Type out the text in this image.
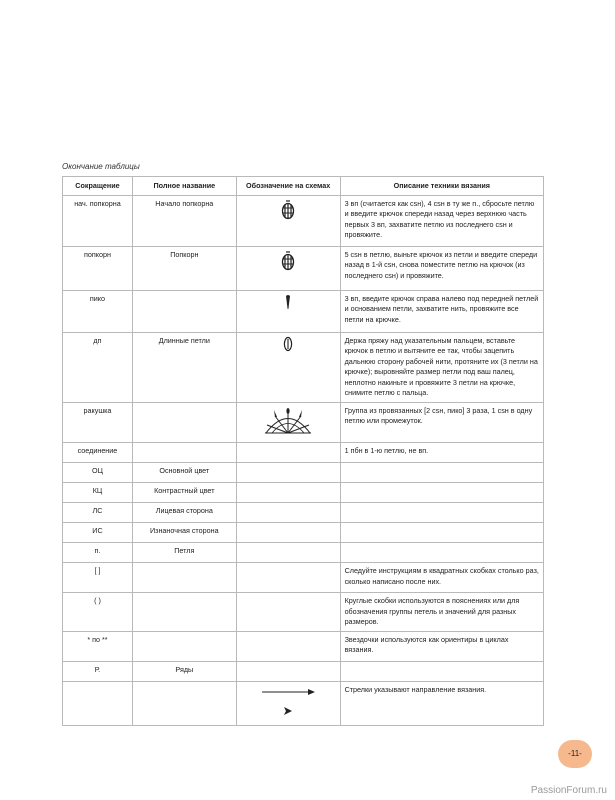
Окончание таблицы
Сокращение	Полное название	Обозначение на схемах	Описание техники вязания
нач. попкорна	Начало попкорна		3 вп (считается как сsн), 4 сsн в ту же п., сбросьте петлю и введите крючок спереди назад через верхнюю часть первых 3 вп, захватите петлю из последнего сsн и провяжите.
попкорн	Попкорн		5 сsн в петлю, выньте крючок из петли и введите спереди назад в 1-й сsн, снова поместите петлю на крючок (из последнего сsн) и провяжите.
пико			3 вп, введите крючок справа налево под передней петлей и основанием петли, захватите нить, провяжите все петли на крючке.
дп	Длинные петли		Держа пряжу над указательным пальцем, вставьте крючок в петлю и вытяните ее так, чтобы зацепить дальнюю сторону рабочей нити, протяните их (3 петли на крючке); выровняйте размер петли под ваш палец, неплотно накиньте и провяжите 3 петли на крючке, снимите петлю с пальца.
ракушка			Группа из провязанных [2 сsн, пико] 3 раза, 1 сsн в одну петлю или промежуток.
соединение			1 пбн в 1-ю петлю, не вп.
ОЦ	Основной цвет		
КЦ	Контрастный цвет		
ЛС	Лицевая сторона		
ИС	Изнаночная сторона		
п.	Петля		
[ ]			Следуйте инструкциям в квадратных скобках столько раз, сколько написано после них.
( )			Круглые скобки используются в пояснениях или для обозначения группы петель и значений для разных размеров.
* по **			Звездочки используются как ориентиры в циклах вязания.
Р.	Ряды		
			Стрелки указывают направление вязания.
-11-
PassionForum.ru
